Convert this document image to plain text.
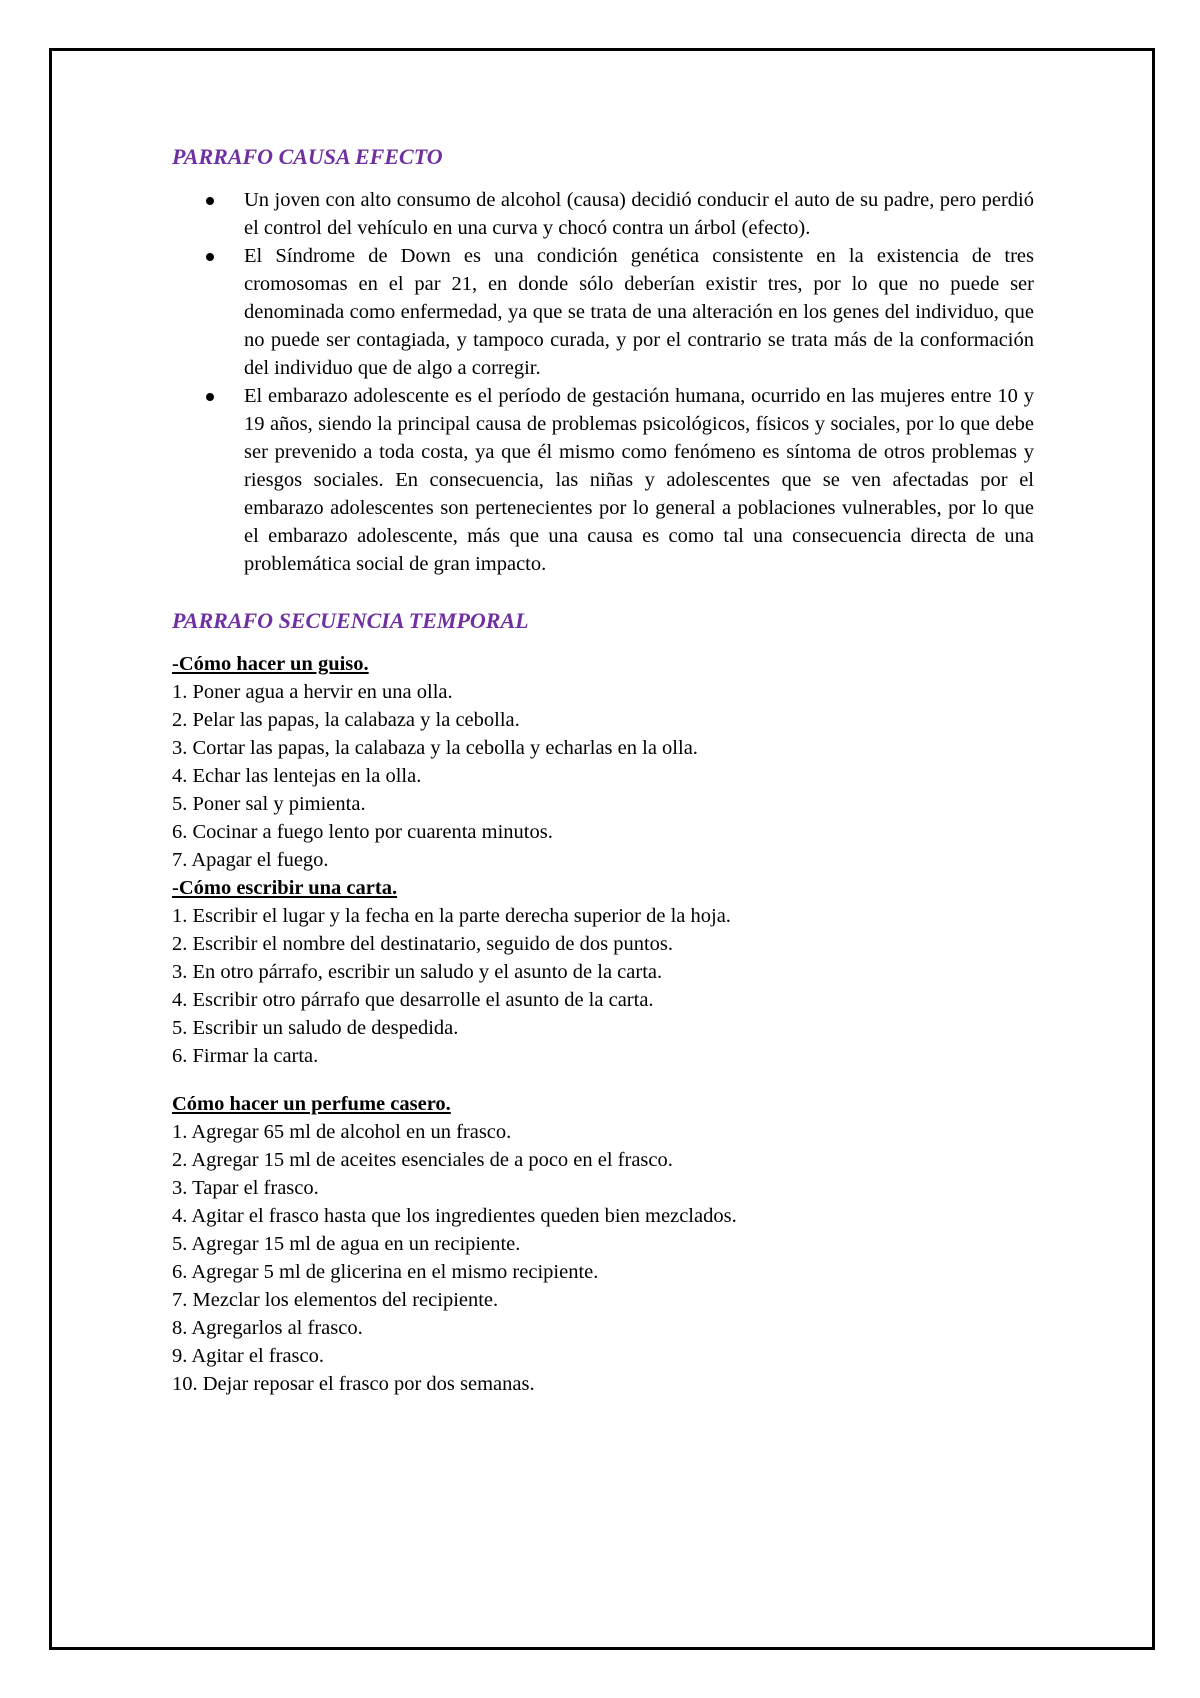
PARRAFO CAUSA EFECTO
Un joven con alto consumo de alcohol (causa) decidió conducir el auto de su padre, pero perdió el control del vehículo en una curva y chocó contra un árbol (efecto).
El Síndrome de Down es una condición genética consistente en la existencia de tres cromosomas en el par 21, en donde sólo deberían existir tres, por lo que no puede ser denominada como enfermedad, ya que se trata de una alteración en los genes del individuo, que no puede ser contagiada, y tampoco curada, y por el contrario se trata más de la conformación del individuo que de algo a corregir.
El embarazo adolescente es el período de gestación humana, ocurrido en las mujeres entre 10 y 19 años, siendo la principal causa de problemas psicológicos, físicos y sociales, por lo que debe ser prevenido a toda costa, ya que él mismo como fenómeno es síntoma de otros problemas y riesgos sociales. En consecuencia, las niñas y adolescentes que se ven afectadas por el embarazo adolescentes son pertenecientes por lo general a poblaciones vulnerables, por lo que el embarazo adolescente, más que una causa es como tal una consecuencia directa de una problemática social de gran impacto.
PARRAFO SECUENCIA TEMPORAL

-Cómo hacer un guiso.

1. Poner agua a hervir en una olla.

2. Pelar las papas, la calabaza y la cebolla.

3. Cortar las papas, la calabaza y la cebolla y echarlas en la olla.

4. Echar las lentejas en la olla.

5. Poner sal y pimienta.

6. Cocinar a fuego lento por cuarenta minutos.

7. Apagar el fuego.

-Cómo escribir una carta.

1. Escribir el lugar y la fecha en la parte derecha superior de la hoja.

2. Escribir el nombre del destinatario, seguido de dos puntos.

3. En otro párrafo, escribir un saludo y el asunto de la carta.

4. Escribir otro párrafo que desarrolle el asunto de la carta.

5. Escribir un saludo de despedida.

6. Firmar la carta.

Cómo hacer un perfume casero.

1. Agregar 65 ml de alcohol en un frasco.

2. Agregar 15 ml de aceites esenciales de a poco en el frasco.

3. Tapar el frasco.

4. Agitar el frasco hasta que los ingredientes queden bien mezclados.

5. Agregar 15 ml de agua en un recipiente.

6. Agregar 5 ml de glicerina en el mismo recipiente.

7. Mezclar los elementos del recipiente.

8. Agregarlos al frasco.

9. Agitar el frasco.

10. Dejar reposar el frasco por dos semanas.
